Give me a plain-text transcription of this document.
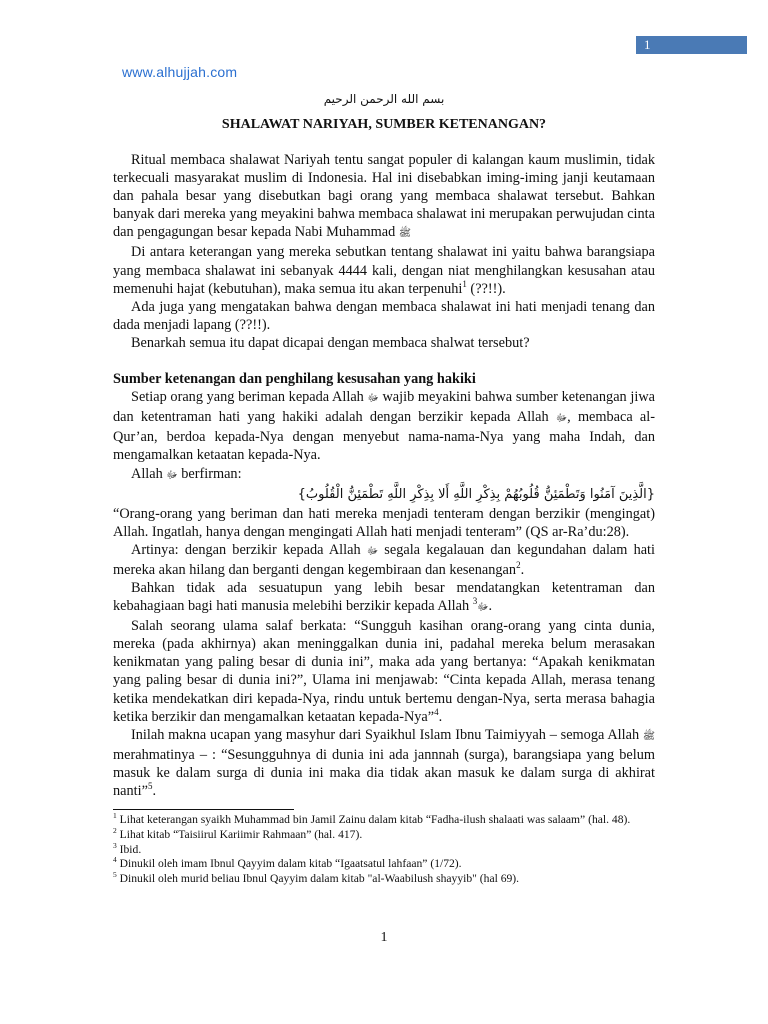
1
www.alhujjah.com
بسم الله الرحمن الرحيم
SHALAWAT NARIYAH, SUMBER KETENANGAN?

Ritual membaca shalawat Nariyah tentu sangat populer di kalangan kaum muslimin, tidak terkecuali masyarakat muslim di Indonesia. Hal ini disebabkan iming-iming janji keutamaan dan pahala besar yang disebutkan bagi orang yang membaca shalawat tersebut. Bahkan banyak dari mereka yang meyakini bahwa membaca shalawat ini merupakan perwujudan cinta dan pengagungan besar kepada Nabi Muhammad ﷺ

Di antara keterangan yang mereka sebutkan tentang shalawat ini yaitu bahwa barangsiapa yang membaca shalawat ini sebanyak 4444 kali, dengan niat menghilangkan kesusahan atau memenuhi hajat (kebutuhan), maka semua itu akan terpenuhi$^1$ (??!!).

Ada juga yang mengatakan bahwa dengan membaca shalawat ini hati menjadi tenang dan dada menjadi lapang (??!!).

Benarkah semua itu dapat dicapai dengan membaca shalwat tersebut?

Sumber ketenangan dan penghilang kesusahan yang hakiki

Setiap orang yang beriman kepada Allah ﷻ wajib meyakini bahwa sumber ketenangan jiwa dan ketentraman hati yang hakiki adalah dengan berzikir kepada Allah ﷻ, membaca al-Qur’an, berdoa kepada-Nya dengan menyebut nama-nama-Nya yang maha Indah, dan mengamalkan ketaatan kepada-Nya.

Allah ﷻ berfirman:

{الَّذِينَ آمَنُوا وَتَطْمَئِنُّ قُلُوبُهُمْ بِذِكْرِ اللَّهِ أَلا بِذِكْرِ اللَّهِ تَطْمَئِنُّ الْقُلُوبُ}

“Orang-orang yang beriman dan hati mereka menjadi tenteram dengan berzikir (mengingat) Allah. Ingatlah, hanya dengan mengingati Allah hati menjadi tenteram” (QS ar-Ra’du:28).

Artinya: dengan berzikir kepada Allah ﷻ segala kegalauan dan kegundahan dalam hati mereka akan hilang dan berganti dengan kegembiraan dan kesenangan$^2$.

Bahkan tidak ada sesuatupun yang lebih besar mendatangkan ketentraman dan kebahagiaan bagi hati manusia melebihi berzikir kepada Allah ﷻ$^3$ .

Salah seorang ulama salaf berkata: “Sungguh kasihan orang-orang yang cinta dunia, mereka (pada akhirnya) akan meninggalkan dunia ini, padahal mereka belum merasakan kenikmatan yang paling besar di dunia ini”, maka ada yang bertanya: “Apakah kenikmatan yang paling besar di dunia ini?”, Ulama ini menjawab: “Cinta kepada Allah, merasa tenang ketika mendekatkan diri kepada-Nya, rindu untuk bertemu dengan-Nya, serta merasa bahagia ketika berzikir dan mengamalkan ketaatan kepada-Nya”$^4$.

Inilah makna ucapan yang masyhur dari Syaikhul Islam Ibnu Taimiyyah – semoga Allah ﷺ merahmatinya – : “Sesungguhnya di dunia ini ada jannnah (surga), barangsiapa yang belum masuk ke dalam surga di dunia ini maka dia tidak akan masuk ke dalam surga di akhirat nanti”$^5$.

$^1$ Lihat keterangan syaikh Muhammad bin Jamil Zainu dalam kitab “Fadha-ilush shalaati was salaam” (hal. 48).

$^2$ Lihat kitab “Taisiirul Kariimir Rahmaan” (hal. 417).

$^3$ Ibid.

$^4$ Dinukil oleh imam Ibnul Qayyim dalam kitab “Igaatsatul lahfaan” (1/72).

$^5$ Dinukil oleh murid beliau Ibnul Qayyim dalam kitab "al-Waabilush shayyib" (hal 69).

1
